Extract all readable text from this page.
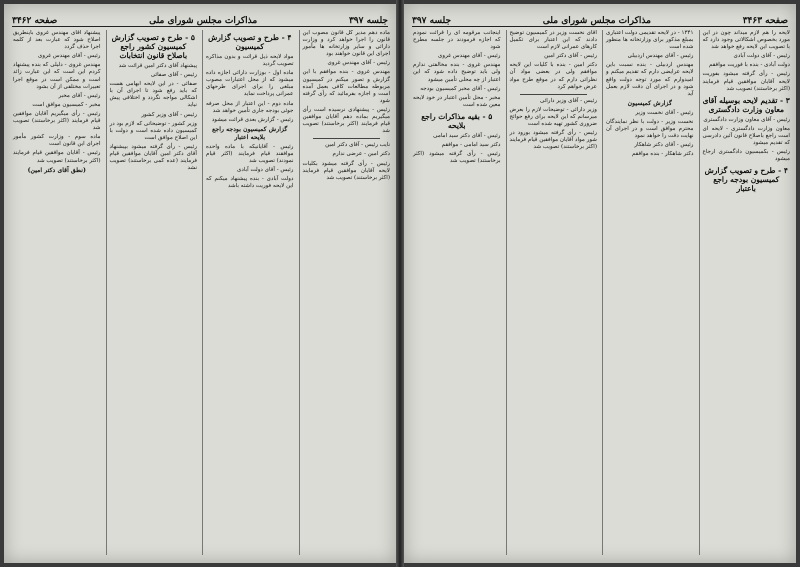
جلسه ۳۹۷
مذاکرات مجلس شورای ملی
صفحه ۳۴۶۲
ماده دهم مدیر کل قانون مصوب این قانون را اجرا خواهد کرد و وزارت دارائی و سایر وزارتخانه ها مأمور اجرای این قانون خواهند بود
رئیس - آقای مهندس غروی
مهندس غروی - بنده موافقم با این گزارش و تصور میکنم در کمیسیون مربوطه مطالعات کافی بعمل آمده است و اجازه بفرمائید که رأی گرفته شود
رئیس - پیشنهادی نرسیده است رأی میگیریم بماده دهم آقایان موافقین قیام فرمایند (اکثر برخاستند) تصویب شد
نایب رئیس - آقای دکتر امین
دکتر امین - عرضی ندارم
رئیس - رأی گرفته میشود بکلیات لایحه آقایان موافقین قیام فرمایند (اکثر برخاستند) تصویب شد
۴ - طرح و تصویب گزارش کمیسیون
مواد لایحه ذیل قرائت و بدون مذاکره تصویب گردید
ماده اول - بوزارت دارائی اجازه داده میشود که از محل اعتبارات مصوب مبلغی را برای اجرای طرحهای عمرانی پرداخت نماید
ماده دوم - این اعتبار از محل صرفه جوئی بودجه جاری تأمین خواهد شد
رئیس - گزارش بعدی قرائت میشود
گزارش کمیسیون بودجه راجع بلایحه اعتبار
رئیس - آقایانیکه با ماده واحده موافقند قیام فرمایند (اکثر قیام نمودند) تصویب شد
رئیس - آقای دولت آبادی
دولت آبادی - بنده پیشنهاد میکنم که این لایحه فوریت داشته باشد
۵ - طرح و تصویب گزارش کمیسیون کشور راجع باصلاح قانون انتخابات
پیشنهاد آقای دکتر امین قرائت شد
رئیس - آقای صفائی
صفائی - در این لایحه ابهامی هست که باید رفع شود تا اجرای آن با اشکالی مواجه نگردد و اختلافی پیش نیاید
رئیس - آقای وزیر کشور
وزیر کشور - توضیحاتی که لازم بود در کمیسیون داده شده است و دولت با این اصلاح موافق است
رئیس - رأی گرفته میشود بپیشنهاد آقای دکتر امین آقایان موافقین قیام فرمایند (عده کمی برخاستند) تصویب نشد
پیشنهاد آقای مهندس غروی باینطریق اصلاح شود که عبارت بعد از کلمه اجرا حذف گردد
رئیس - آقای مهندس غروی
مهندس غروی - دلیلی که بنده پیشنهاد کردم این است که این عبارت زائد است و ممکن است در موقع اجرا تعبیرات مختلفی از آن بشود
رئیس - آقای مخبر
مخبر - کمیسیون موافق است
رئیس - رأی میگیریم آقایان موافقین قیام فرمایند (اکثر برخاستند) تصویب شد
ماده سوم - وزارت کشور مأمور اجرای این قانون است
رئیس - آقایان موافقین قیام فرمایند (اکثر برخاستند) تصویب شد
(نطق آقای دکتر امین)
صفحه ۳۴۶۳
مذاکرات مجلس شورای ملی
جلسه ۳۹۷
لایحه را هم لازم میداند چون در این مورد بخصوص اشکالاتی وجود دارد که با تصویب این لایحه رفع خواهد شد
رئیس - آقای دولت آبادی
دولت آبادی - بنده با فوریت موافقم
رئیس - رأی گرفته میشود بفوریت لایحه آقایان موافقین قیام فرمایند (اکثر برخاستند) تصویب شد
۳ - تقدیم لایحه بوسیله آقای معاون وزارت دادگستری
رئیس - آقای معاون وزارت دادگستری
معاون وزارت دادگستری - لایحه ای است راجع باصلاح قانون آئین دادرسی که تقدیم میشود
رئیس - بکمیسیون دادگستری ارجاع میشود
۴ - طرح و تصویب گزارش کمیسیون بودجه راجع باعتبار
۱۳۴۱ - در لایحه تقدیمی دولت اعتباری بمبلغ مذکور برای وزارتخانه ها منظور شده است
رئیس - آقای مهندس اردبیلی
مهندس اردبیلی - بنده نسبت باین لایحه عرایضی دارم که تقدیم میکنم و امیدوارم که مورد توجه دولت واقع شود و در اجرای آن دقت لازم بعمل آید
گزارش کمیسیون
رئیس - آقای نخست وزیر
نخست وزیر - دولت با نظر نمایندگان محترم موافق است و در اجرای آن نهایت دقت را خواهد نمود
رئیس - آقای دکتر شاهکار
دکتر شاهکار - بنده موافقم
آقای نخست وزیر در کمیسیون توضیح دادند که این اعتبار برای تکمیل کارهای عمرانی لازم است
رئیس - آقای دکتر امین
دکتر امین - بنده با کلیات این لایحه موافقم ولی در بعضی مواد آن نظراتی دارم که در موقع طرح مواد عرض خواهم کرد
رئیس - آقای وزیر دارائی
وزیر دارائی - توضیحات لازم را بعرض میرسانم که این لایحه برای رفع حوائج ضروری کشور تهیه شده است
رئیس - رأی گرفته میشود بورود در شور مواد آقایان موافقین قیام فرمایند (اکثر برخاستند) تصویب شد
اینجانب مرقومه ای را قرائت نمودم که اجازه فرمودند در جلسه مطرح شود
رئیس - آقای مهندس غروی
مهندس غروی - بنده مخالفتی ندارم ولی باید توضیح داده شود که این اعتبار از چه محلی تأمین میشود
رئیس - آقای مخبر کمیسیون بودجه
مخبر - محل تأمین اعتبار در خود لایحه معین شده است
۵ - بقیه مذاکرات راجع بلایحه
رئیس - آقای دکتر سید امامی
دکتر سید امامی - موافقم
رئیس - رأی گرفته میشود (اکثر برخاستند) تصویب شد
